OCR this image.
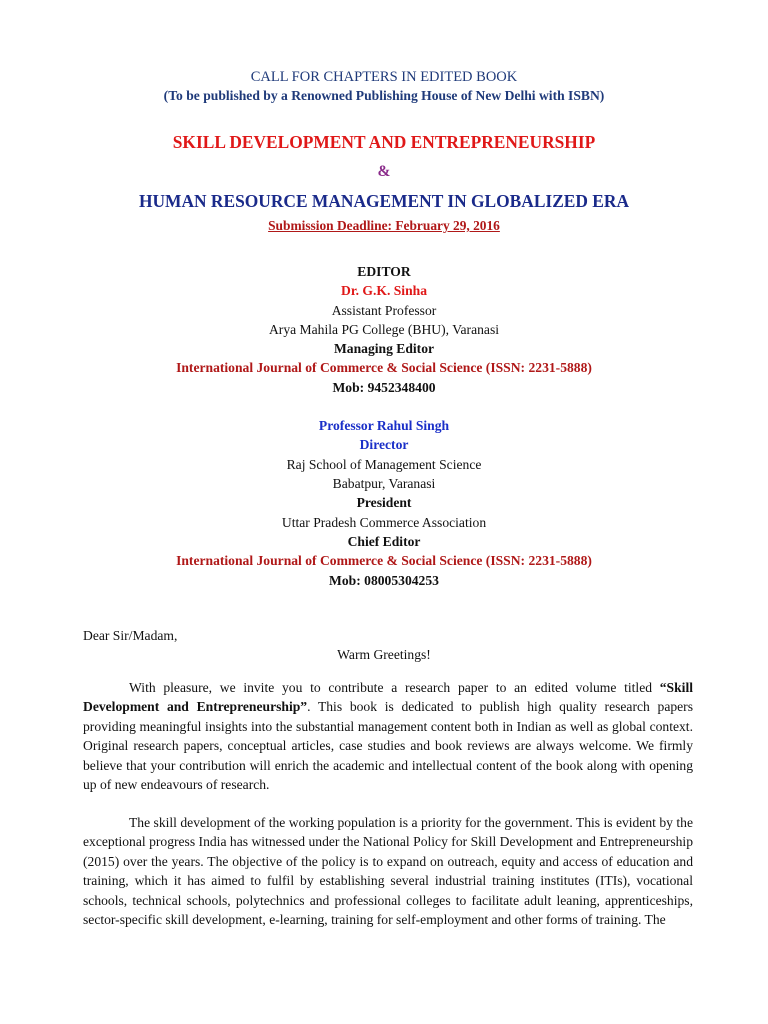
CALL FOR CHAPTERS IN EDITED BOOK
(To be published by a Renowned Publishing House of New Delhi with ISBN)
SKILL DEVELOPMENT AND ENTREPRENEURSHIP
&
HUMAN RESOURCE MANAGEMENT IN GLOBALIZED ERA
Submission Deadline: February 29, 2016
EDITOR
Dr. G.K. Sinha
Assistant Professor
Arya Mahila PG College (BHU), Varanasi
Managing Editor
International Journal of Commerce & Social Science (ISSN: 2231-5888)
Mob: 9452348400
Professor Rahul Singh
Director
Raj School of Management Science
Babatpur, Varanasi
President
Uttar Pradesh Commerce Association
Chief Editor
International Journal of Commerce & Social Science (ISSN: 2231-5888)
Mob: 08005304253
Dear Sir/Madam,
Warm Greetings!
With pleasure, we invite you to contribute a research paper to an edited volume titled “Skill Development and Entrepreneurship”. This book is dedicated to publish high quality research papers providing meaningful insights into the substantial management content both in Indian as well as global context. Original research papers, conceptual articles, case studies and book reviews are always welcome. We firmly believe that your contribution will enrich the academic and intellectual content of the book along with opening up of new endeavours of research.
The skill development of the working population is a priority for the government. This is evident by the exceptional progress India has witnessed under the National Policy for Skill Development and Entrepreneurship (2015) over the years. The objective of the policy is to expand on outreach, equity and access of education and training, which it has aimed to fulfil by establishing several industrial training institutes (ITIs), vocational schools, technical schools, polytechnics and professional colleges to facilitate adult leaning, apprenticeships, sector-specific skill development, e-learning, training for self-employment and other forms of training. The
